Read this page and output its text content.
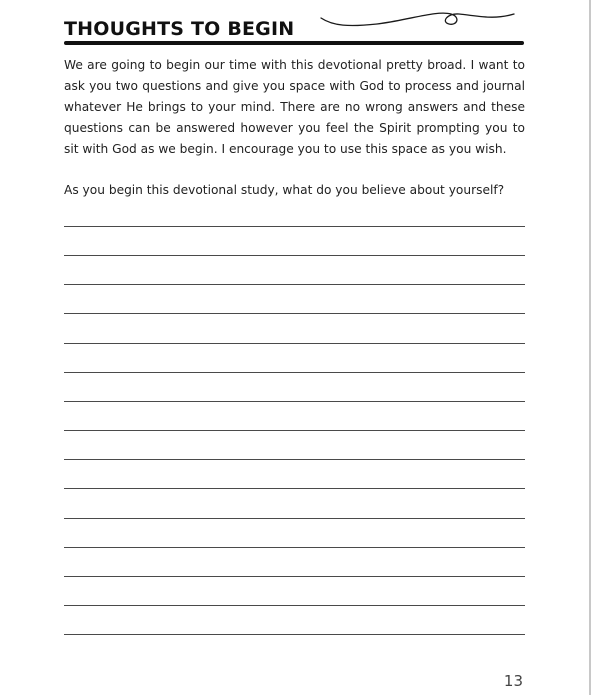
THOUGHTS TO BEGIN

We are going to begin our time with this devotional pretty broad. I want to ask you two questions and give you space with God to process and journal whatever He brings to your mind. There are no wrong answers and these questions can be answered however you feel the Spirit prompting you to sit with God as we begin. I encourage you to use this space as you wish.

As you begin this devotional study, what do you believe about yourself?

13
